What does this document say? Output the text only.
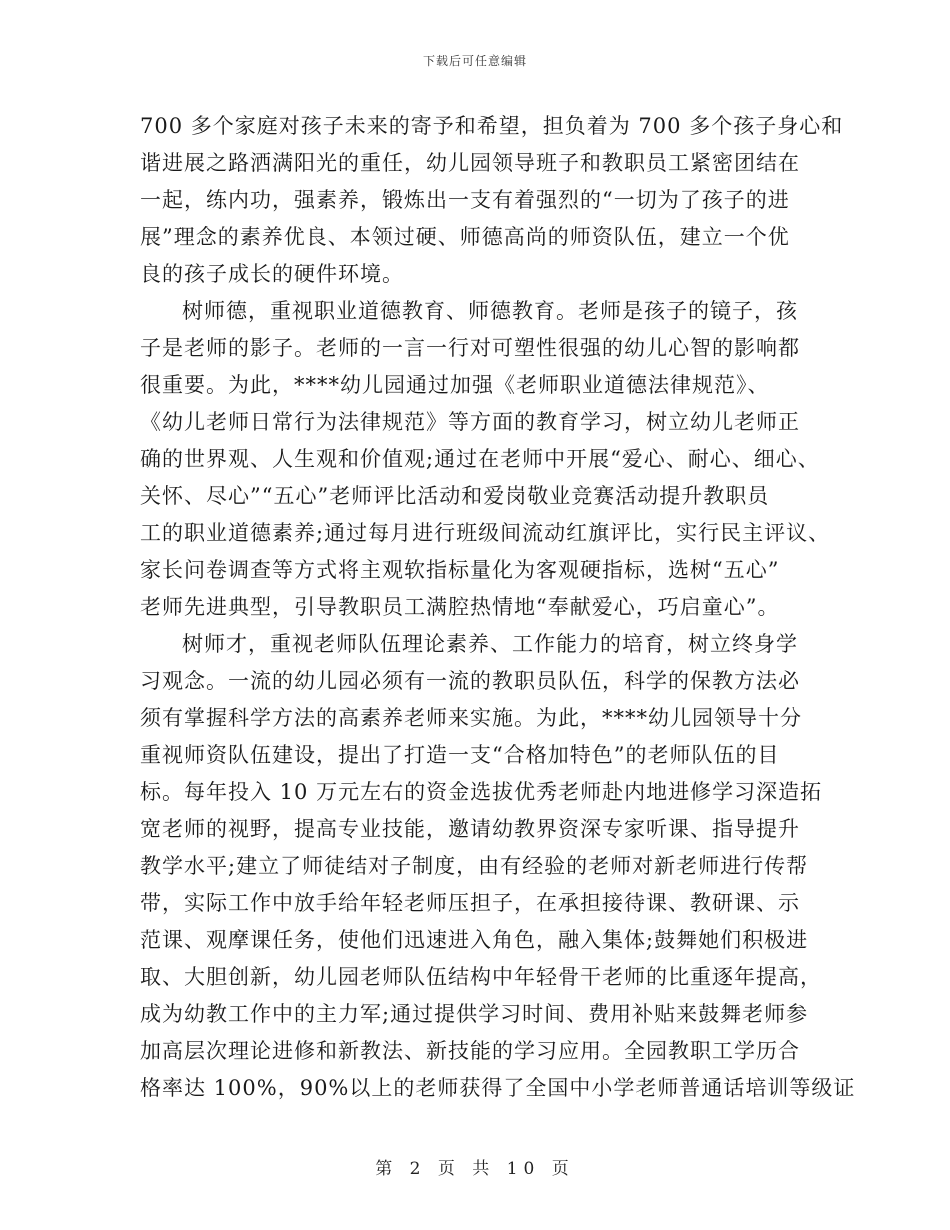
下载后可任意编辑
700 多个家庭对孩子未来的寄予和希望，担负着为 700 多个孩子身心和
谐进展之路洒满阳光的重任，幼儿园领导班子和教职员工紧密团结在
一起，练内功，强素养，锻炼出一支有着强烈的“一切为了孩子的进
展”理念的素养优良、本领过硬、师德高尚的师资队伍，建立一个优
良的孩子成长的硬件环境。
树师德，重视职业道德教育、师德教育。老师是孩子的镜子，孩
子是老师的影子。老师的一言一行对可塑性很强的幼儿心智的影响都
很重要。为此，****幼儿园通过加强《老师职业道德法律规范》、
《幼儿老师日常行为法律规范》等方面的教育学习，树立幼儿老师正
确的世界观、人生观和价值观;通过在老师中开展“爱心、耐心、细心、
关怀、尽心”“五心”老师评比活动和爱岗敬业竞赛活动提升教职员
工的职业道德素养;通过每月进行班级间流动红旗评比，实行民主评议、
家长问卷调查等方式将主观软指标量化为客观硬指标，选树“五心”
老师先进典型，引导教职员工满腔热情地“奉献爱心，巧启童心”。
树师才，重视老师队伍理论素养、工作能力的培育，树立终身学
习观念。一流的幼儿园必须有一流的教职员队伍，科学的保教方法必
须有掌握科学方法的高素养老师来实施。为此，****幼儿园领导十分
重视师资队伍建设，提出了打造一支“合格加特色”的老师队伍的目
标。每年投入 10 万元左右的资金选拔优秀老师赴内地进修学习深造拓
宽老师的视野，提高专业技能，邀请幼教界资深专家听课、指导提升
教学水平;建立了师徒结对子制度，由有经验的老师对新老师进行传帮
带，实际工作中放手给年轻老师压担子，在承担接待课、教研课、示
范课、观摩课任务，使他们迅速进入角色，融入集体;鼓舞她们积极进
取、大胆创新，幼儿园老师队伍结构中年轻骨干老师的比重逐年提高，
成为幼教工作中的主力军;通过提供学习时间、费用补贴来鼓舞老师参
加高层次理论进修和新教法、新技能的学习应用。全园教职工学历合
格率达 100%，90%以上的老师获得了全国中小学老师普通话培训等级证
第 2 页 共 10 页
